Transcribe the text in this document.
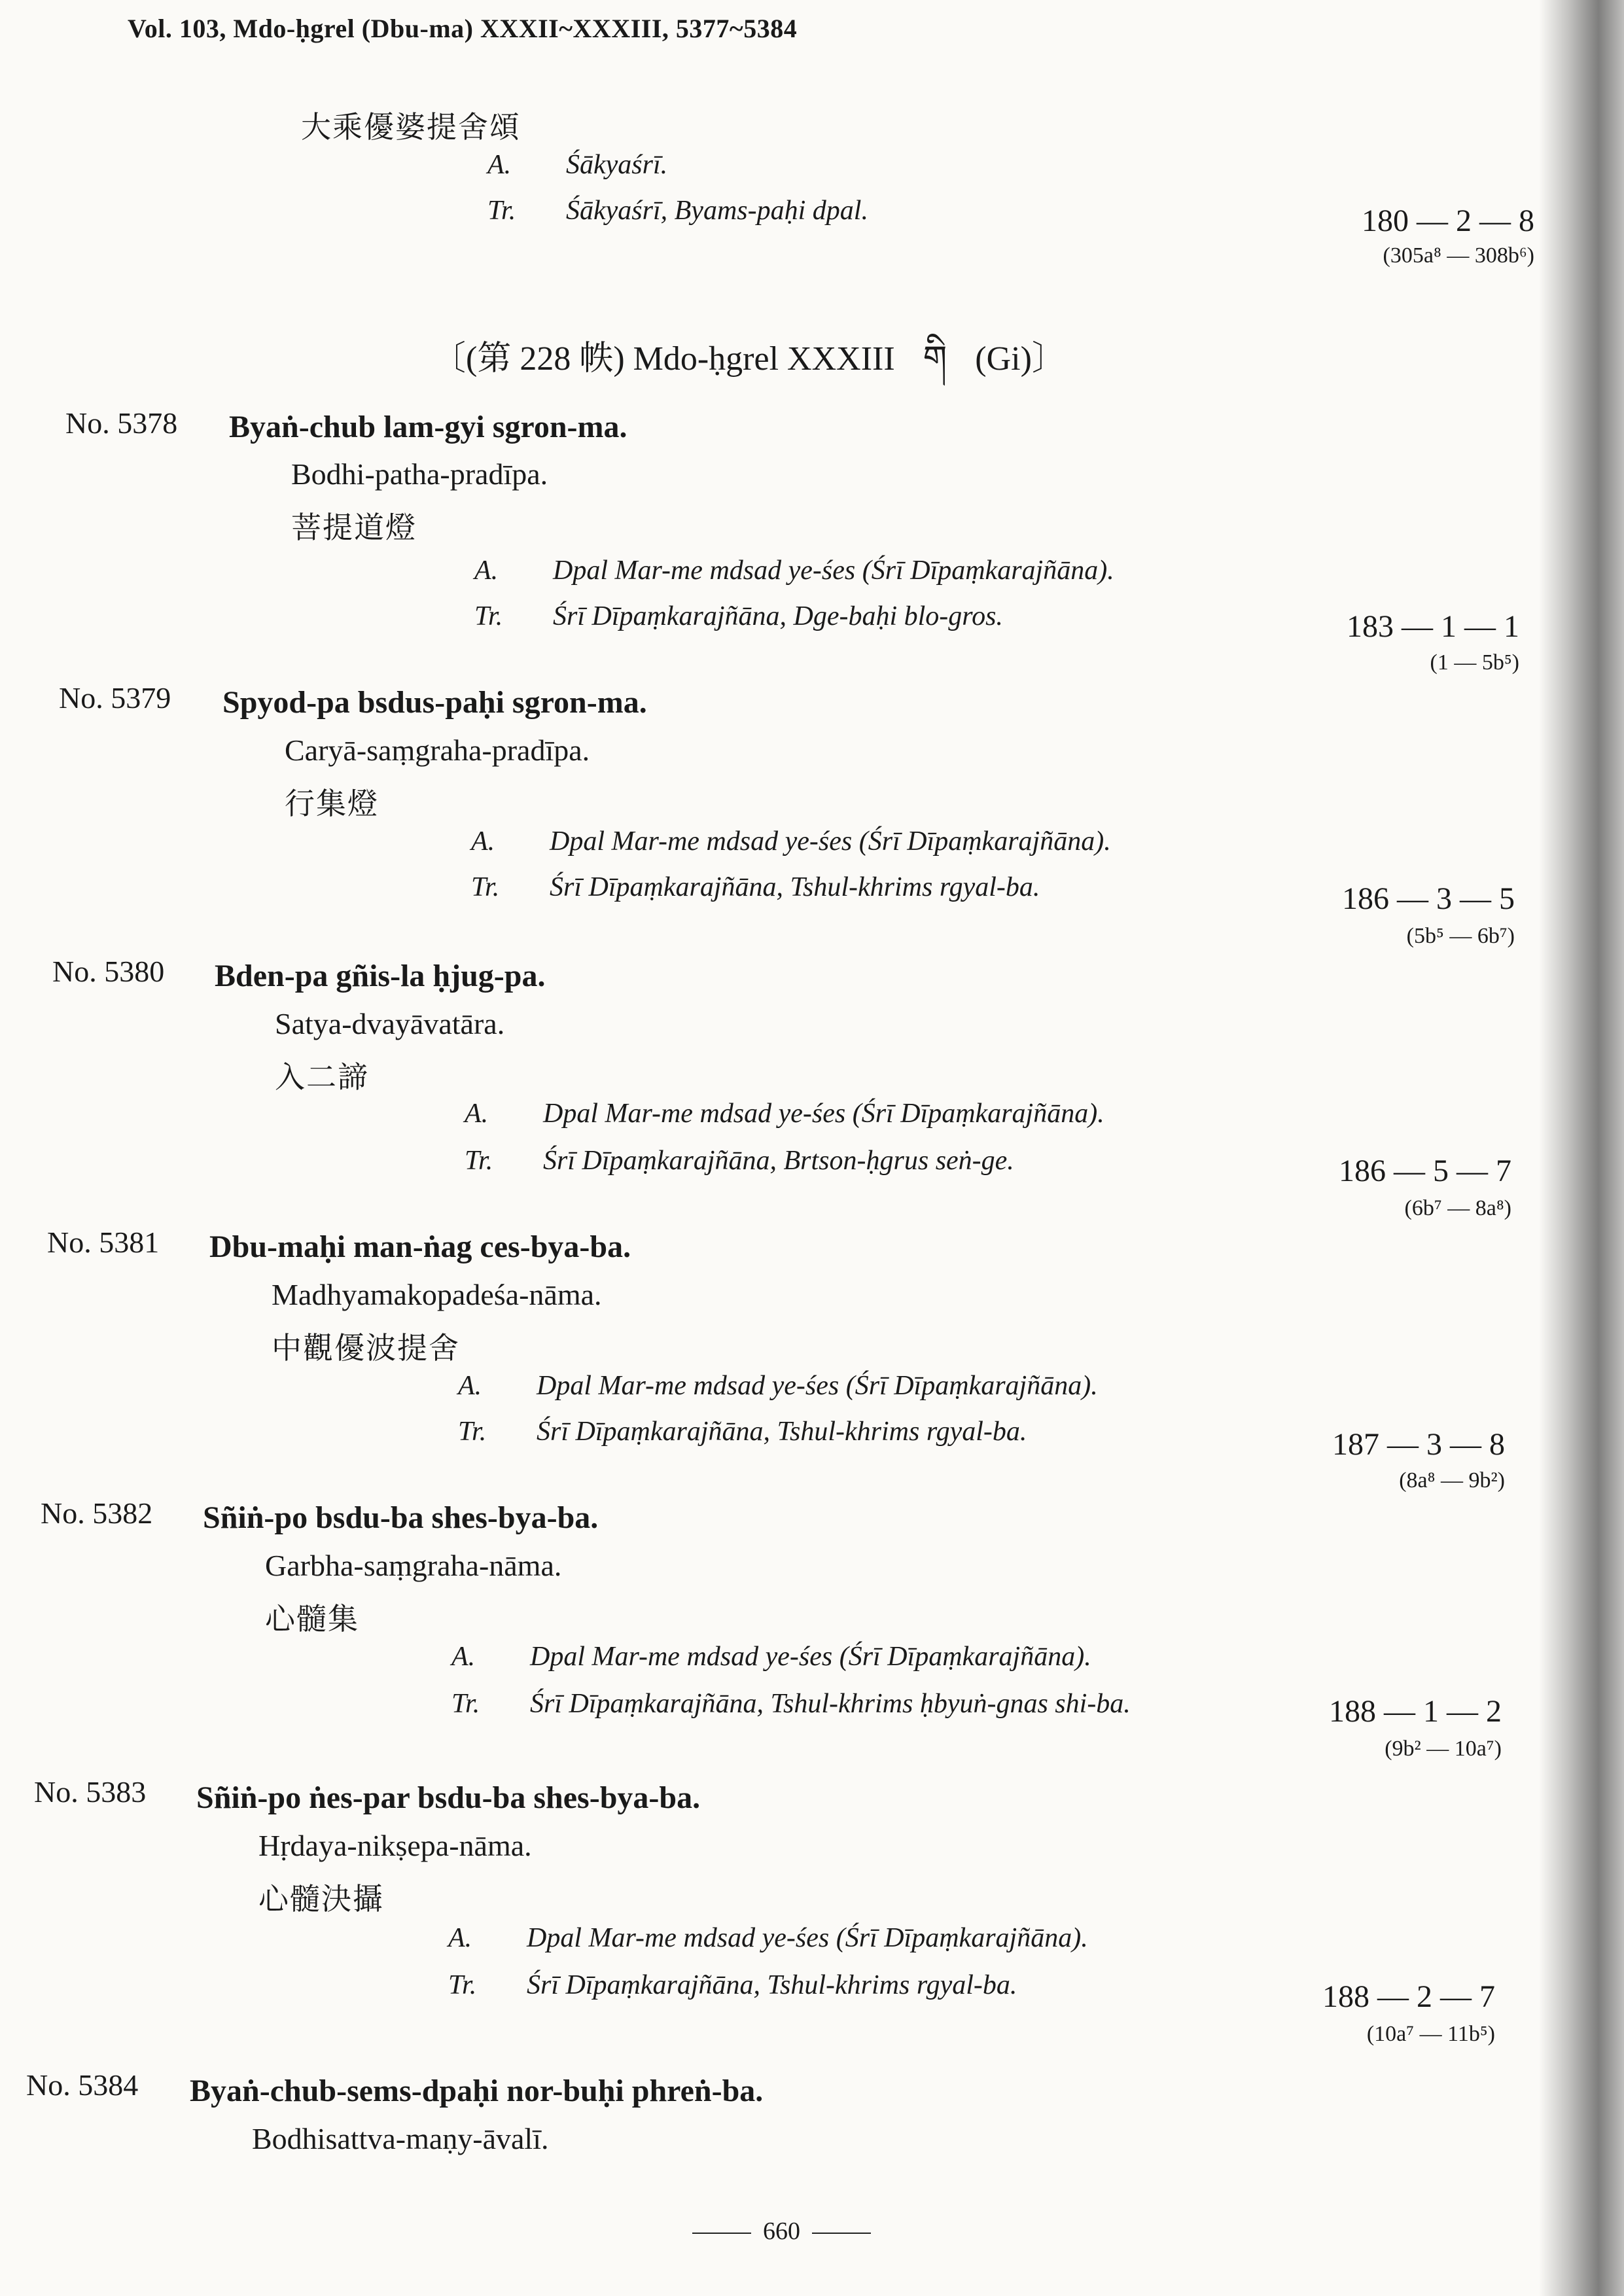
Vol. 103, Mdo-ḥgrel (Dbu-ma) XXXII~XXXIII, 5377~5384
大乘優婆提舍頌
A. Śākyaśrī.
Tr. Śākyaśrī, Byams-paḥi dpal.	180 — 2 — 8
(305a⁸ — 308b⁶)
〔(第 228 帙) Mdo-ḥgrel XXXIII གི (Gi)〕
No. 5378 Byaṅ-chub lam-gyi sgron-ma.
Bodhi-patha-pradīpa.
菩提道燈
A. Dpal Mar-me mdsad ye-śes (Śrī Dīpaṃkarajñāna).
Tr. Śrī Dīpaṃkarajñāna, Dge-baḥi blo-gros.	183 — 1 — 1
(1 — 5b⁵)
No. 5379 Spyod-pa bsdus-paḥi sgron-ma.
Caryā-saṃgraha-pradīpa.
行集燈
A. Dpal Mar-me mdsad ye-śes (Śrī Dīpaṃkarajñāna).
Tr. Śrī Dīpaṃkarajñāna, Tshul-khrims rgyal-ba.	186 — 3 — 5
(5b⁵ — 6b⁷)
No. 5380 Bden-pa gñis-la ḥjug-pa.
Satya-dvayāvatāra.
入二諦
A. Dpal Mar-me mdsad ye-śes (Śrī Dīpaṃkarajñāna).
Tr. Śrī Dīpaṃkarajñāna, Brtson-ḥgrus seṅ-ge.	186 — 5 — 7
(6b⁷ — 8a⁸)
No. 5381 Dbu-maḥi man-ṅag ces-bya-ba.
Madhyamakopadeśa-nāma.
中觀優波提舍
A. Dpal Mar-me mdsad ye-śes (Śrī Dīpaṃkarajñāna).
Tr. Śrī Dīpaṃkarajñāna, Tshul-khrims rgyal-ba.	187 — 3 — 8
(8a⁸ — 9b²)
No. 5382 Sñiṅ-po bsdu-ba shes-bya-ba.
Garbha-saṃgraha-nāma.
心髓集
A. Dpal Mar-me mdsad ye-śes (Śrī Dīpaṃkarajñāna).
Tr. Śrī Dīpaṃkarajñāna, Tshul-khrims ḥbyuṅ-gnas shi-ba.	188 — 1 — 2
(9b² — 10a⁷)
No. 5383 Sñiṅ-po ṅes-par bsdu-ba shes-bya-ba.
Hṛdaya-nikṣepa-nāma.
心髓決攝
A. Dpal Mar-me mdsad ye-śes (Śrī Dīpaṃkarajñāna).
Tr. Śrī Dīpaṃkarajñāna, Tshul-khrims rgyal-ba.	188 — 2 — 7
(10a⁷ — 11b⁵)
No. 5384 Byaṅ-chub-sems-dpaḥi nor-buḥi phreṅ-ba.
Bodhisattva-maṇy-āvalī.
660
